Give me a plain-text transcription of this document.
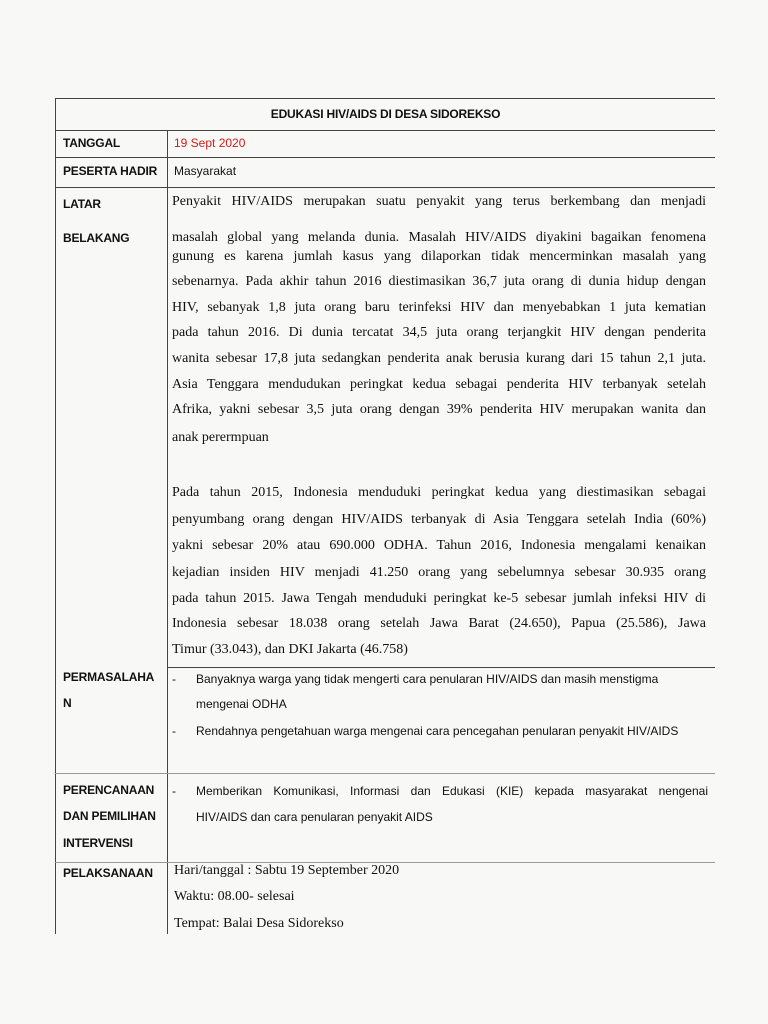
EDUKASI HIV/AIDS DI DESA SIDOREKSO
TANGGAL	19 Sept 2020
PESERTA HADIR Masyarakat
LATAR
BELAKANG
Penyakit HIV/AIDS merupakan suatu penyakit yang terus berkembang dan menjadi
masalah global yang melanda dunia. Masalah HIV/AIDS diyakini bagaikan fenomena
gunung es karena jumlah kasus yang dilaporkan tidak mencerminkan masalah yang
sebenarnya. Pada akhir tahun 2016 diestimasikan 36,7 juta orang di dunia hidup dengan
HIV, sebanyak 1,8 juta orang baru terinfeksi HIV dan menyebabkan 1 juta kematian
pada tahun 2016. Di dunia tercatat 34,5 juta orang terjangkit HIV dengan penderita
wanita sebesar 17,8 juta sedangkan penderita anak berusia kurang dari 15 tahun 2,1 juta.
Asia Tenggara mendudukan peringkat kedua sebagai penderita HIV terbanyak setelah
Afrika, yakni sebesar 3,5 juta orang dengan 39% penderita HIV merupakan wanita dan
anak perermpuan
Pada tahun 2015, Indonesia menduduki peringkat kedua yang diestimasikan sebagai
penyumbang orang dengan HIV/AIDS terbanyak di Asia Tenggara setelah India (60%)
yakni sebesar 20% atau 690.000 ODHA. Tahun 2016, Indonesia mengalami kenaikan
kejadian insiden HIV menjadi 41.250 orang yang sebelumnya sebesar 30.935 orang
pada tahun 2015. Jawa Tengah menduduki peringkat ke-5 sebesar jumlah infeksi HIV di
Indonesia sebesar 18.038 orang setelah Jawa Barat (24.650), Papua (25.586), Jawa
Timur (33.043), dan DKI Jakarta (46.758)
PERMASALAHA
N
- Banyaknya warga yang tidak mengerti cara penularan HIV/AIDS dan masih menstigma
mengenai ODHA
- Rendahnya pengetahuan warga mengenai cara pencegahan penularan penyakit HIV/AIDS
PERENCANAAN
DAN PEMILIHAN
INTERVENSI
- Memberikan Komunikasi, Informasi dan Edukasi (KIE) kepada masyarakat nengenai
HIV/AIDS dan cara penularan penyakit AIDS
PELAKSANAAN Hari/tanggal : Sabtu 19 September 2020
Waktu: 08.00- selesai
Tempat: Balai Desa Sidorekso
